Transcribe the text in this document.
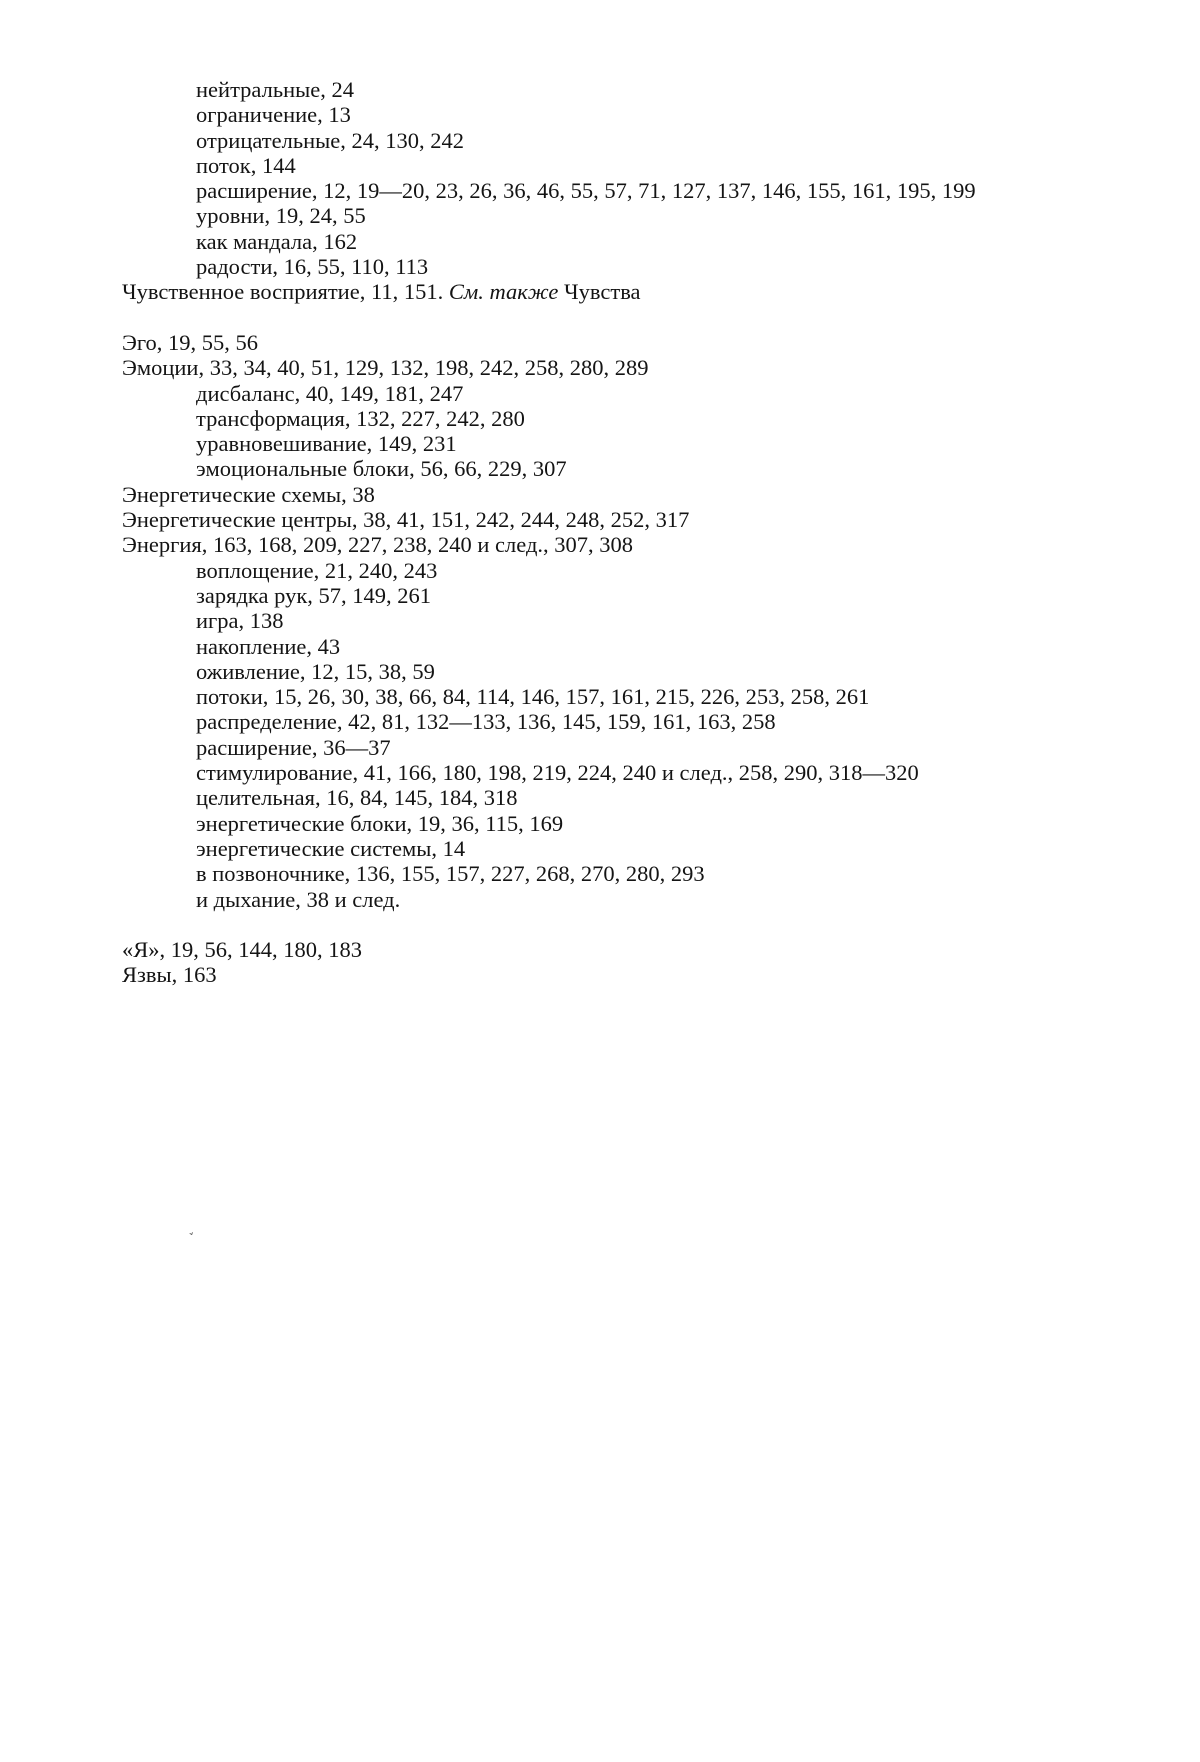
нейтральные, 24
ограничение, 13
отрицательные, 24, 130, 242
поток, 144
расширение, 12, 19—20, 23, 26, 36, 46, 55, 57, 71, 127, 137, 146, 155, 161, 195, 199
уровни, 19, 24, 55
как мандала, 162
радости, 16, 55, 110, 113
Чувственное восприятие, 11, 151. См. также Чувства
Эго, 19, 55, 56
Эмоции, 33, 34, 40, 51, 129, 132, 198, 242, 258, 280, 289
дисбаланс, 40, 149, 181, 247
трансформация, 132, 227, 242, 280
уравновешивание, 149, 231
эмоциональные блоки, 56, 66, 229, 307
Энергетические схемы, 38
Энергетические центры, 38, 41, 151, 242, 244, 248, 252, 317
Энергия, 163, 168, 209, 227, 238, 240 и след., 307, 308
воплощение, 21, 240, 243
зарядка рук, 57, 149, 261
игра, 138
накопление, 43
оживление, 12, 15, 38, 59
потоки, 15, 26, 30, 38, 66, 84, 114, 146, 157, 161, 215, 226, 253, 258, 261
распределение, 42, 81, 132—133, 136, 145, 159, 161, 163, 258
расширение, 36—37
стимулирование, 41, 166, 180, 198, 219, 224, 240 и след., 258, 290, 318—320
целительная, 16, 84, 145, 184, 318
энергетические блоки, 19, 36, 115, 169
энергетические системы, 14
в позвоночнике, 136, 155, 157, 227, 268, 270, 280, 293
и дыхание, 38 и след.
«Я», 19, 56, 144, 180, 183
Язвы, 163
ˇ
